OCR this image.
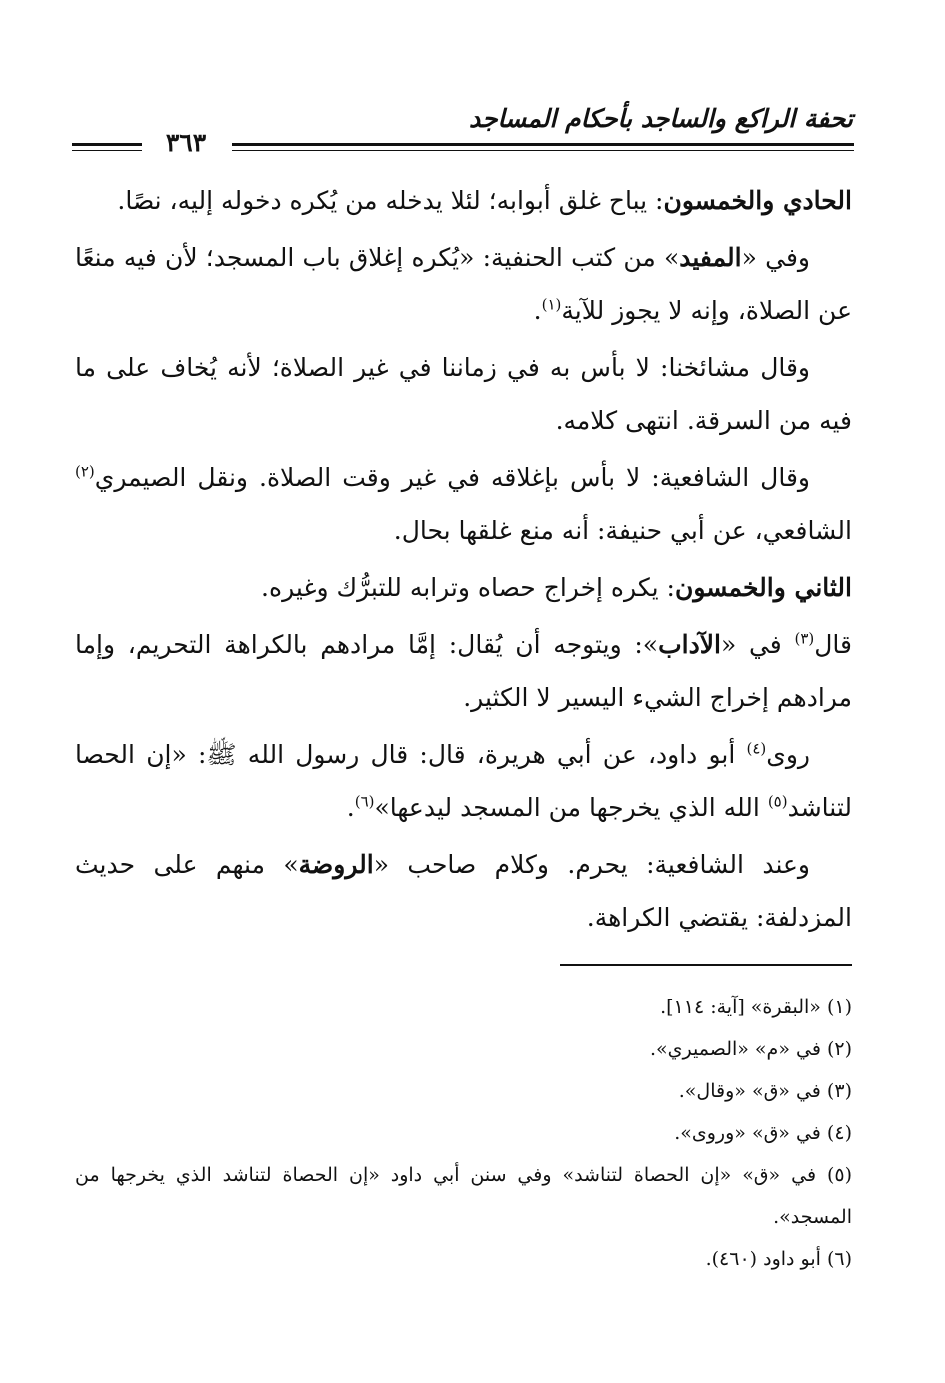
تحفة الراكع والساجد بأحكام المساجد
٣٦٣

الحادي والخمسون: يباح غلق أبوابه؛ لئلا يدخله من يُكره دخوله إليه، نصًا.

وفي «المفيد» من كتب الحنفية: «يُكره إغلاق باب المسجد؛ لأن فيه منعًا عن الصلاة، وإنه لا يجوز للآية$^{(١)}$.

وقال مشائخنا: لا بأس به في زماننا في غير الصلاة؛ لأنه يُخاف على ما فيه من السرقة. انتهى كلامه.

وقال الشافعية: لا بأس بإغلاقه في غير وقت الصلاة. ونقل الصيمري$^{(٢)}$ الشافعي، عن أبي حنيفة: أنه منع غلقها بحال.

الثاني والخمسون: يكره إخراج حصاه وترابه للتبرُّك وغيره.

قال$^{(٣)}$ في «الآداب»: ويتوجه أن يُقال: إمَّا مرادهم بالكراهة التحريم، وإما مرادهم إخراج الشيء اليسير لا الكثير.

روى$^{(٤)}$ أبو داود، عن أبي هريرة، قال: قال رسول الله ﷺ: «إن الحصا لتناشد$^{(٥)}$ الله الذي يخرجها من المسجد ليدعها»$^{(٦)}$.

وعند الشافعية: يحرم. وكلام صاحب «الروضة» منهم على حديث المزدلفة: يقتضي الكراهة.

(١) «البقرة» [آية: ١١٤].

(٢) في «م» «الصميري».

(٣) في «ق» «وقال».

(٤) في «ق» «وروى».

(٥) في «ق» «إن الحصاة لتناشد» وفي سنن أبي داود «إن الحصاة لتناشد الذي يخرجها من المسجد».

(٦) أبو داود (٤٦٠).
